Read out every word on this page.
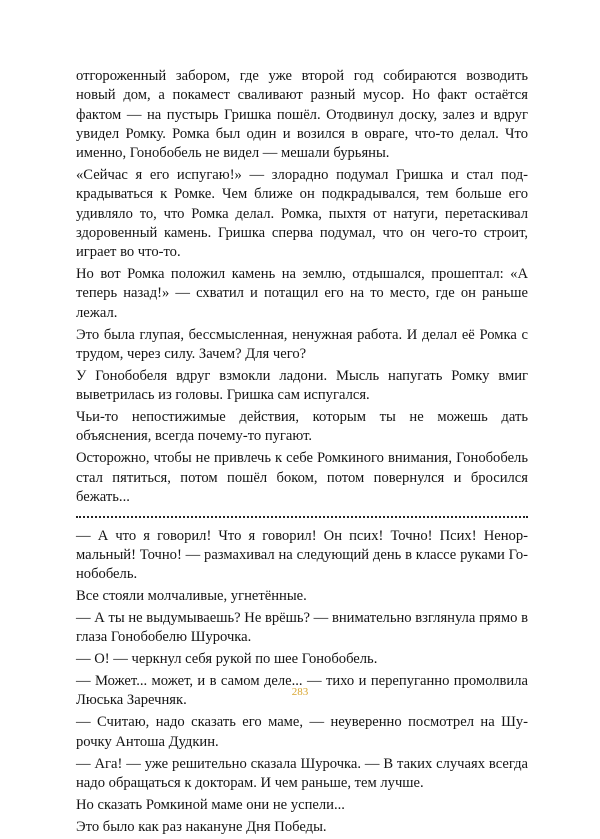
отгороженный забором, где уже второй год собираются возводить новый дом, а покамест сваливают разный мусор. Но факт остаётся фактом — на пустырь Гришка пошёл. Отодвинул доску, залез и вдруг увидел Ромку. Ромка был один и возился в овраге, что-то делал. Что именно, Гонобобель не видел — мешали бурьяны.

«Сейчас я его испугаю!» — злорадно подумал Гришка и стал подкрадываться к Ромке. Чем ближе он подкрадывался, тем больше его удивляло то, что Ромка делал. Ромка, пыхтя от натуги, перетаскивал здоровенный камень. Гришка сперва подумал, что он чего-то строит, играет во что-то.

Но вот Ромка положил камень на землю, отдышался, прошептал: «А теперь назад!» — схватил и потащил его на то место, где он раньше лежал.

Это была глупая, бессмысленная, ненужная работа. И делал её Ромка с трудом, через силу. Зачем? Для чего?

У Гонобобеля вдруг взмокли ладони. Мысль напугать Ромку вмиг выветрилась из головы. Гришка сам испугался.

Чьи-то непостижимые действия, которым ты не можешь дать объяснения, всегда почему-то пугают.

Осторожно, чтобы не привлечь к себе Ромкиного внимания, Гонобобель стал пятиться, потом пошёл боком, потом повернулся и бросился бежать...

— А что я говорил! Что я говорил! Он псих! Точно! Псих! Ненормальный! Точно! — размахивал на следующий день в классе руками Гонобобель.

Все стояли молчаливые, угнетённые.

— А ты не выдумываешь? Не врёшь? — внимательно взглянула прямо в глаза Гонобобелю Шурочка.

— О! — черкнул себя рукой по шее Гонобобель.

— Может... может, и в самом деле... — тихо и перепуганно промолвила Люська Заречняк.

— Считаю, надо сказать его маме, — неуверенно посмотрел на Шурочку Антоша Дудкин.

— Ага! — уже решительно сказала Шурочка. — В таких случаях всегда надо обращаться к докторам. И чем раньше, тем лучше.

Но сказать Ромкиной маме они не успели...

Это было как раз накануне Дня Победы.

283
